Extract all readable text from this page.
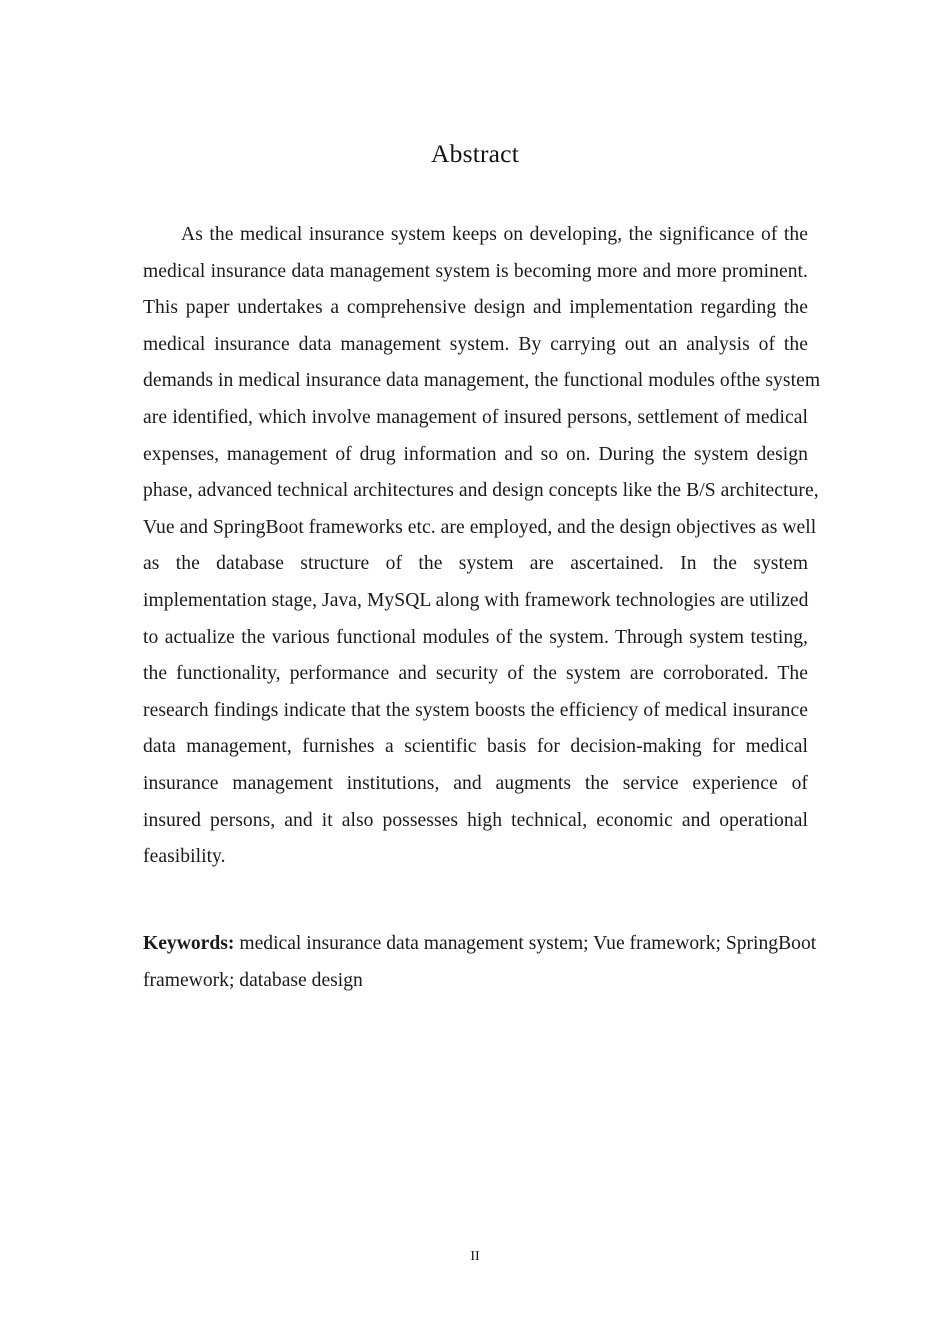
Abstract
As the medical insurance system keeps on developing, the significance of the
medical insurance data management system is becoming more and more prominent.
This paper undertakes a comprehensive design and implementation regarding the
medical insurance data management system. By carrying out an analysis of the
demands in medical insurance data management, the functional modules ofthe system
are identified, which involve management of insured persons, settlement of medical
expenses, management of drug information and so on. During the system design
phase, advanced technical architectures and design concepts like the B/S architecture,
Vue and SpringBoot frameworks etc. are employed, and the design objectives as well
as the database structure of the system are ascertained. In the system
implementation stage, Java, MySQL along with framework technologies are utilized
to actualize the various functional modules of the system. Through system testing,
the functionality, performance and security of the system are corroborated. The
research findings indicate that the system boosts the efficiency of medical insurance
data management, furnishes a scientific basis for decision-making for medical
insurance management institutions, and augments the service experience of
insured persons, and it also possesses high technical, economic and operational
feasibility.
Keywords: medical insurance data management system; Vue framework; SpringBoot
framework; database design
II
